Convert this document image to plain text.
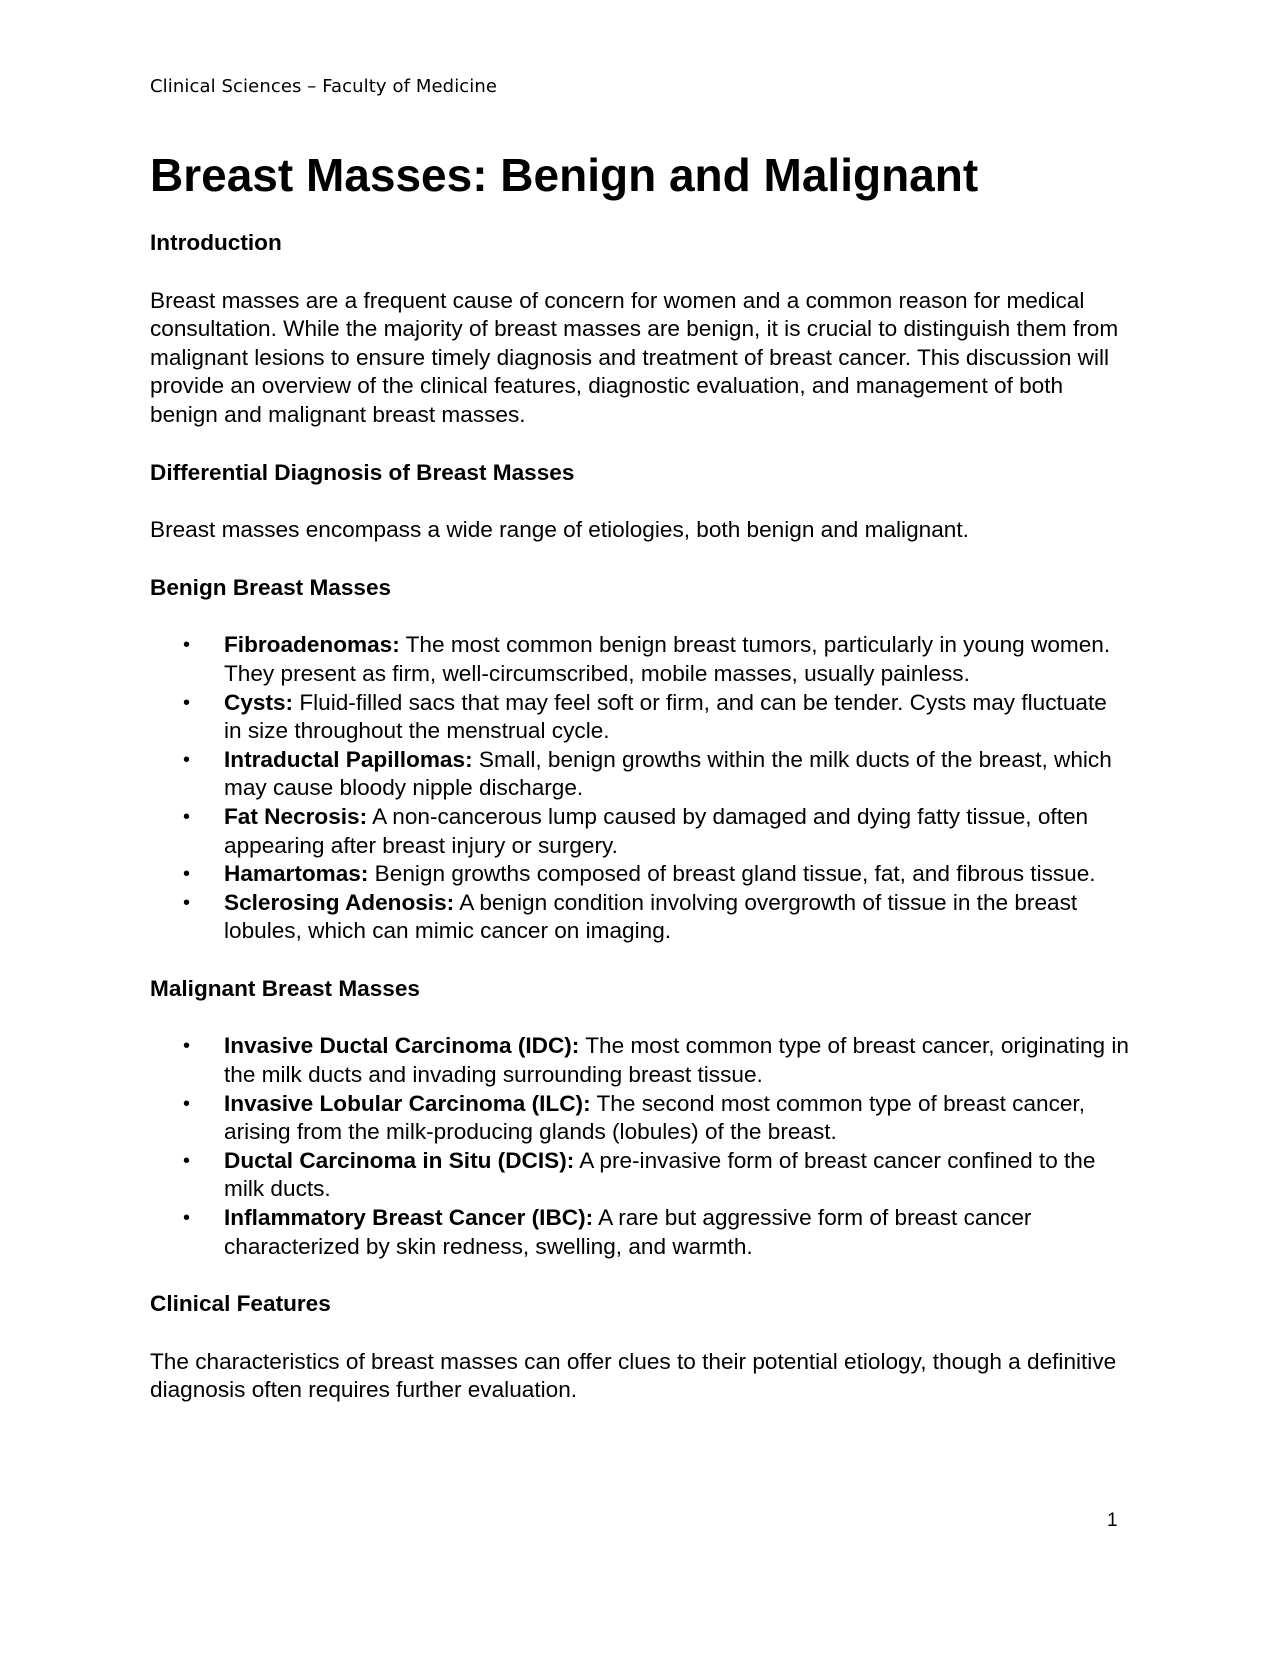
Clinical Sciences – Faculty of Medicine
Breast Masses: Benign and Malignant
Introduction

Breast masses are a frequent cause of concern for women and a common reason for medical consultation. While the majority of breast masses are benign, it is crucial to distinguish them from malignant lesions to ensure timely diagnosis and treatment of breast cancer. This discussion will provide an overview of the clinical features, diagnostic evaluation, and management of both benign and malignant breast masses.

Differential Diagnosis of Breast Masses

Breast masses encompass a wide range of etiologies, both benign and malignant.

Benign Breast Masses
• Fibroadenomas: The most common benign breast tumors, particularly in young women. They present as firm, well-circumscribed, mobile masses, usually painless.
• Cysts: Fluid-filled sacs that may feel soft or firm, and can be tender. Cysts may fluctuate in size throughout the menstrual cycle.
• Intraductal Papillomas: Small, benign growths within the milk ducts of the breast, which may cause bloody nipple discharge.
• Fat Necrosis: A non-cancerous lump caused by damaged and dying fatty tissue, often appearing after breast injury or surgery.
• Hamartomas: Benign growths composed of breast gland tissue, fat, and fibrous tissue.
• Sclerosing Adenosis: A benign condition involving overgrowth of tissue in the breast lobules, which can mimic cancer on imaging.
Malignant Breast Masses
• Invasive Ductal Carcinoma (IDC): The most common type of breast cancer, originating in the milk ducts and invading surrounding breast tissue.
• Invasive Lobular Carcinoma (ILC): The second most common type of breast cancer, arising from the milk-producing glands (lobules) of the breast.
• Ductal Carcinoma in Situ (DCIS): A pre-invasive form of breast cancer confined to the milk ducts.
• Inflammatory Breast Cancer (IBC): A rare but aggressive form of breast cancer characterized by skin redness, swelling, and warmth.
Clinical Features

The characteristics of breast masses can offer clues to their potential etiology, though a definitive diagnosis often requires further evaluation.

1
